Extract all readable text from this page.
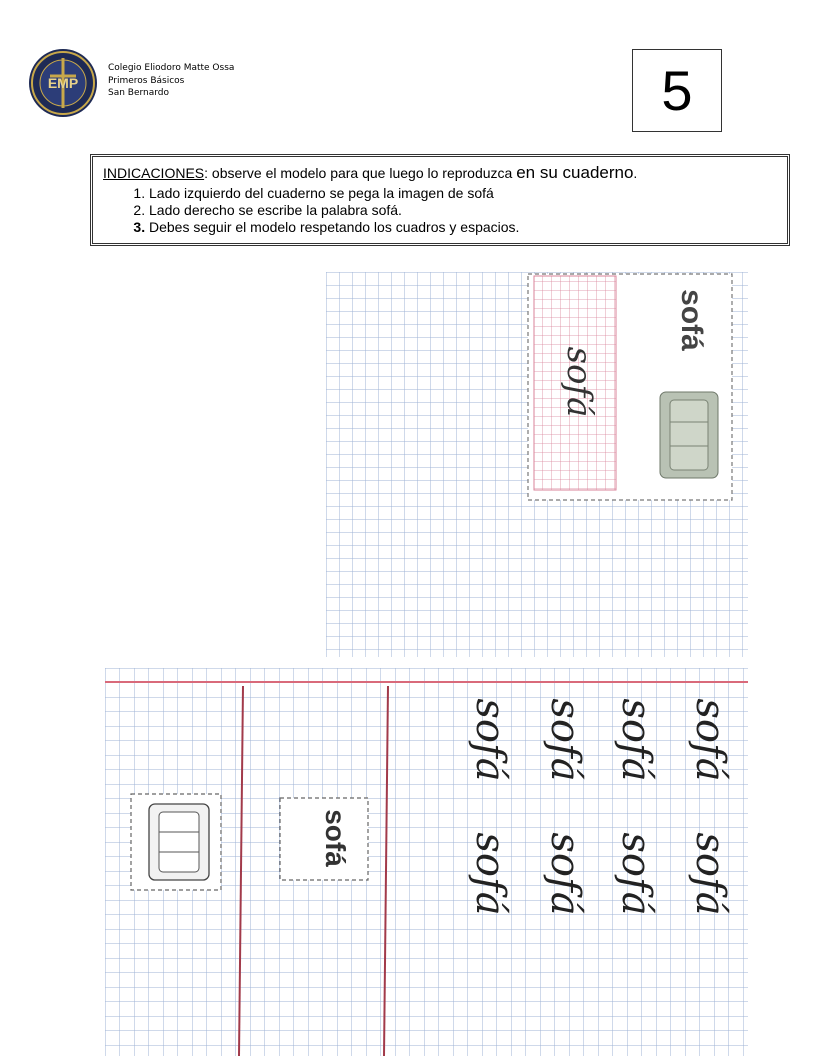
EMP
Colegio Eliodoro Matte Ossa
Primeros Básicos
San Bernardo	5
INDICACIONES: observe el modelo para que luego lo reproduzca en su cuaderno.
1. Lado izquierdo del cuaderno se pega la imagen de sofá
2. Lado derecho se escribe la palabra sofá.
3. Debes seguir el modelo respetando los cuadros y espacios.
sofá
sofá
sofá
sofá sofá sofá sofá
sofá sofá sofá sofá
